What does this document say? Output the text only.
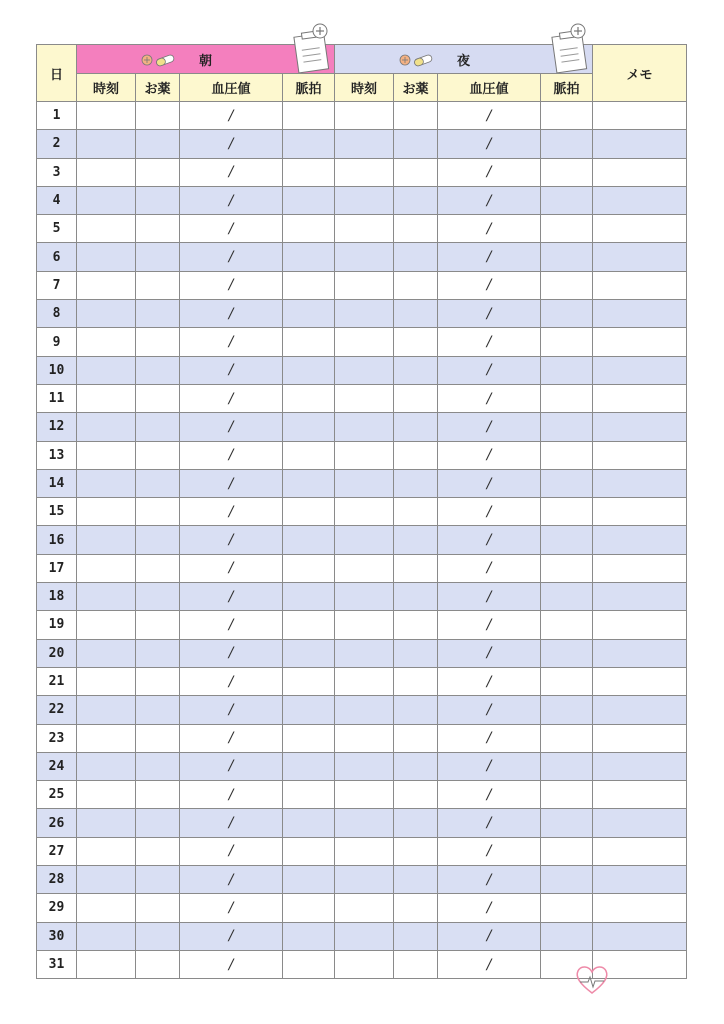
日	朝				夜				メモ
	時刻	お薬	血圧値	脈拍	時刻	お薬	血圧値	脈拍	
1			/				/		
2			/				/		
3			/				/		
4			/				/		
5			/				/		
6			/				/		
7			/				/		
8			/				/		
9			/				/		
10			/				/		
11			/				/		
12			/				/		
13			/				/		
14			/				/		
15			/				/		
16			/				/		
17			/				/		
18			/				/		
19			/				/		
20			/				/		
21			/				/		
22			/				/		
23			/				/		
24			/				/		
25			/				/		
26			/				/		
27			/				/		
28			/				/		
29			/				/		
30			/				/		
31			/				/		
